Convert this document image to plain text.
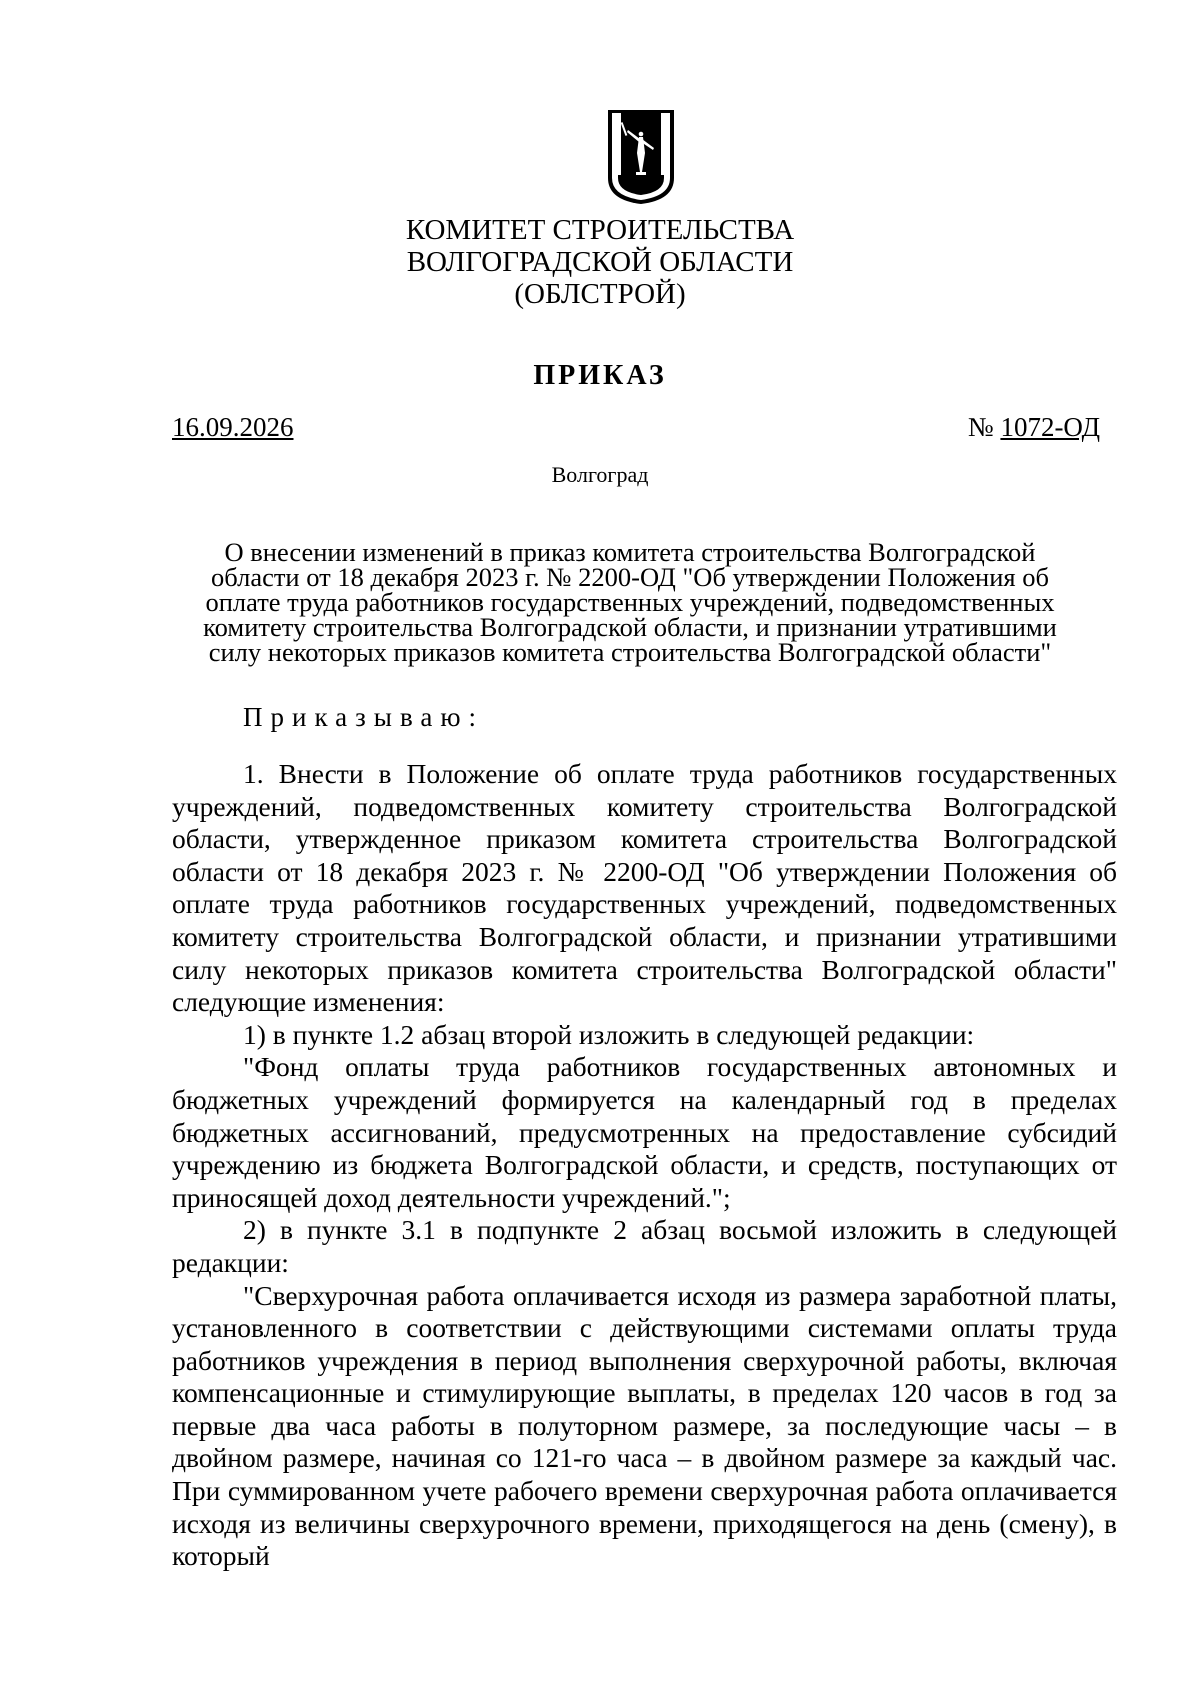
КОМИТЕТ СТРОИТЕЛЬСТВА
ВОЛГОГРАДСКОЙ ОБЛАСТИ
(ОБЛСТРОЙ)
ПРИКАЗ
16.09.2026	№ 1072-ОД
Волгоград
О внесении изменений в приказ комитета строительства Волгоградской
области от 18 декабря 2023 г. № 2200-ОД "Об утверждении Положения об
оплате труда работников государственных учреждений, подведомственных
комитету строительства Волгоградской области, и признании утратившими
силу некоторых приказов комитета строительства Волгоградской области"
Приказываю:

1. Внести в Положение об оплате труда работников государственных учреждений, подведомственных комитету строительства Волгоградской области, утвержденное приказом комитета строительства Волгоградской области от 18 декабря 2023 г. № 2200-ОД "Об утверждении Положения об оплате труда работников государственных учреждений, подведомственных комитету строительства Волгоградской области, и признании утратившими силу некоторых приказов комитета строительства Волгоградской области" следующие изменения:

1) в пункте 1.2 абзац второй изложить в следующей редакции:

"Фонд оплаты труда работников государственных автономных и бюджетных учреждений формируется на календарный год в пределах бюджетных ассигнований, предусмотренных на предоставление субсидий учреждению из бюджета Волгоградской области, и средств, поступающих от приносящей доход деятельности учреждений.";

2) в пункте 3.1 в подпункте 2 абзац восьмой изложить в следующей редакции:

"Сверхурочная работа оплачивается исходя из размера заработной платы, установленного в соответствии с действующими системами оплаты труда работников учреждения в период выполнения сверхурочной работы, включая компенсационные и стимулирующие выплаты, в пределах 120 часов в год за первые два часа работы в полуторном размере, за последующие часы – в двойном размере, начиная со 121-го часа – в двойном размере за каждый час. При суммированном учете рабочего времени сверхурочная работа оплачивается исходя из величины сверхурочного времени, приходящегося на день (смену), в который
